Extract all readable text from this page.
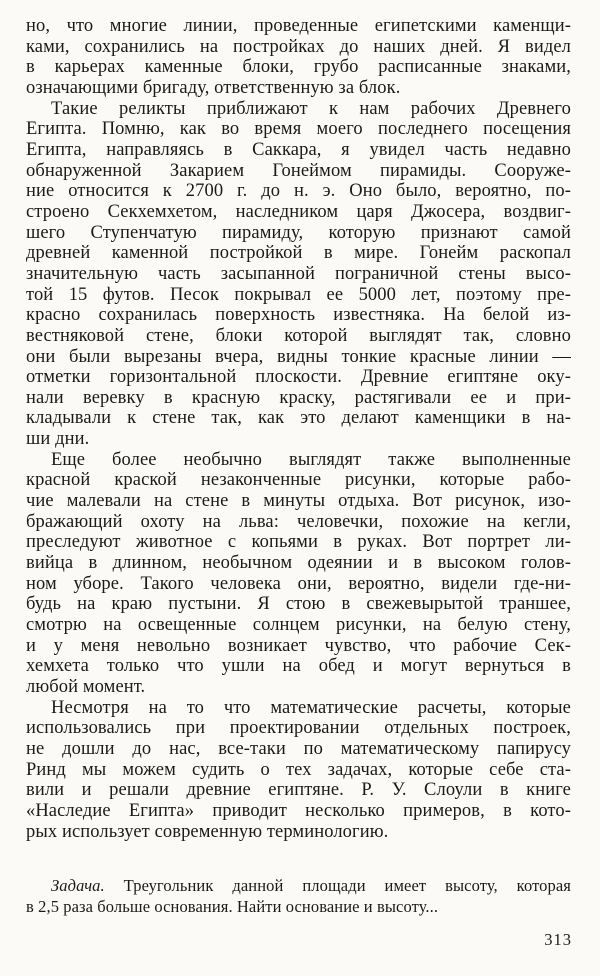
но, что многие линии, проведенные египетскими каменщи-
ками, сохранились на постройках до наших дней. Я видел
в карьерах каменные блоки, грубо расписанные знаками,
означающими бригаду, ответственную за блок.
Такие реликты приближают к нам рабочих Древнего
Египта. Помню, как во время моего последнего посещения
Египта, направляясь в Саккара, я увидел часть недавно
обнаруженной Закарием Гонеймом пирамиды. Сооруже-
ние относится к 2700 г. до н. э. Оно было, вероятно, по-
строено Секхемхетом, наследником царя Джосера, воздвиг-
шего Ступенчатую пирамиду, которую признают самой
древней каменной постройкой в мире. Гонейм раскопал
значительную часть засыпанной пограничной стены высо-
той 15 футов. Песок покрывал ее 5000 лет, поэтому пре-
красно сохранилась поверхность известняка. На белой из-
вестняковой стене, блоки которой выглядят так, словно
они были вырезаны вчера, видны тонкие красные линии —
отметки горизонтальной плоскости. Древние египтяне оку-
нали веревку в красную краску, растягивали ее и при-
кладывали к стене так, как это делают каменщики в на-
ши дни.
Еще более необычно выглядят также выполненные
красной краской незаконченные рисунки, которые рабо-
чие малевали на стене в минуты отдыха. Вот рисунок, изо-
бражающий охоту на льва: человечки, похожие на кегли,
преследуют животное с копьями в руках. Вот портрет ли-
вийца в длинном, необычном одеянии и в высоком голов-
ном уборе. Такого человека они, вероятно, видели где-ни-
будь на краю пустыни. Я стою в свежевырытой траншее,
смотрю на освещенные солнцем рисунки, на белую стену,
и у меня невольно возникает чувство, что рабочие Сек-
хемхета только что ушли на обед и могут вернуться в
любой момент.
Несмотря на то что математические расчеты, которые
использовались при проектировании отдельных построек,
не дошли до нас, все-таки по математическому папирусу
Ринд мы можем судить о тех задачах, которые себе ста-
вили и решали древние египтяне. Р. У. Слоули в книге
«Наследие Египта» приводит несколько примеров, в кото-
рых использует современную терминологию.
Задача. Треугольник данной площади имеет высоту, которая
в 2,5 раза больше основания. Найти основание и высоту...
313
